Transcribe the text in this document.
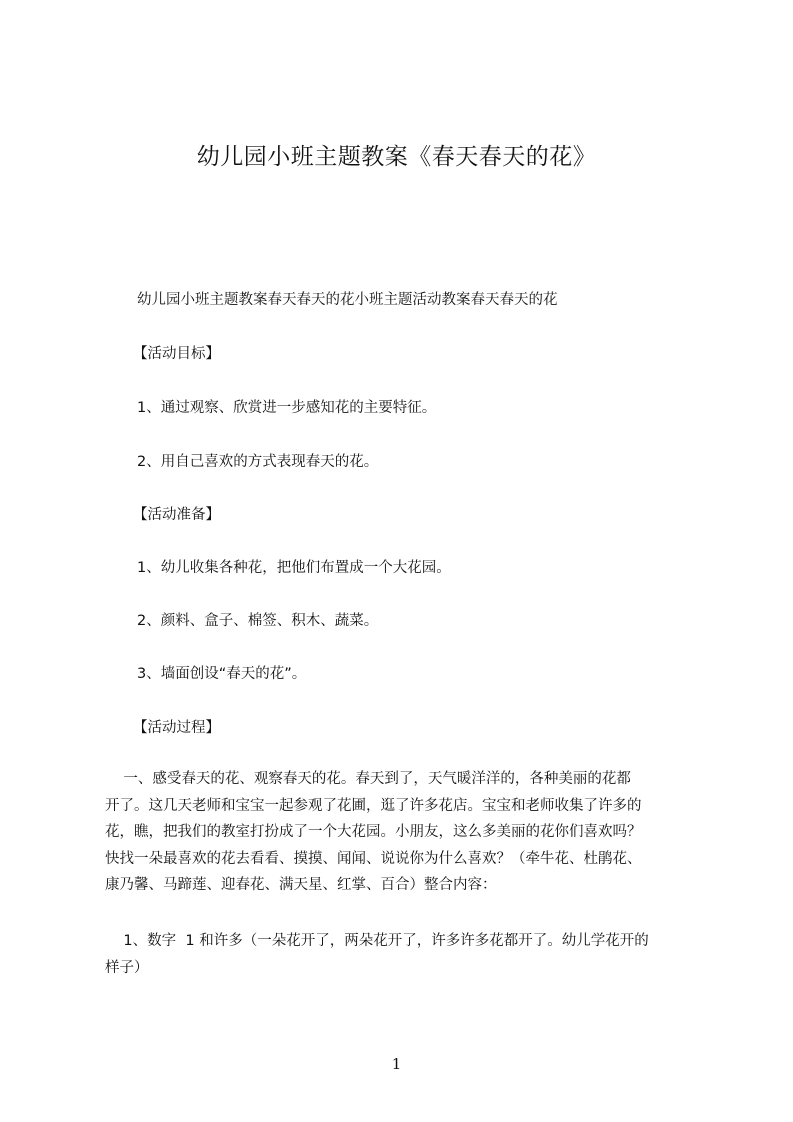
幼儿园小班主题教案《春天春天的花》

幼儿园小班主题教案春天春天的花小班主题活动教案春天春天的花

【活动目标】

1、通过观察、欣赏进一步感知花的主要特征。

2、用自己喜欢的方式表现春天的花。

【活动准备】

1、幼儿收集各种花，把他们布置成一个大花园。

2、颜料、盒子、棉签、积木、蔬菜。

3、墙面创设“春天的花”。

【活动过程】

一、感受春天的花、观察春天的花。春天到了，天气暖洋洋的，各种美丽的花都
开了。这几天老师和宝宝一起参观了花圃，逛了许多花店。宝宝和老师收集了许多的
花，瞧，把我们的教室打扮成了一个大花园。小朋友，这么多美丽的花你们喜欢吗？
快找一朵最喜欢的花去看看、摸摸、闻闻、说说你为什么喜欢？（牵牛花、杜鹃花、
康乃馨、马蹄莲、迎春花、满天星、红掌、百合）整合内容：
1、数字  1 和许多（一朵花开了，两朵花开了，许多许多花都开了。幼儿学花开的
样子）
1
